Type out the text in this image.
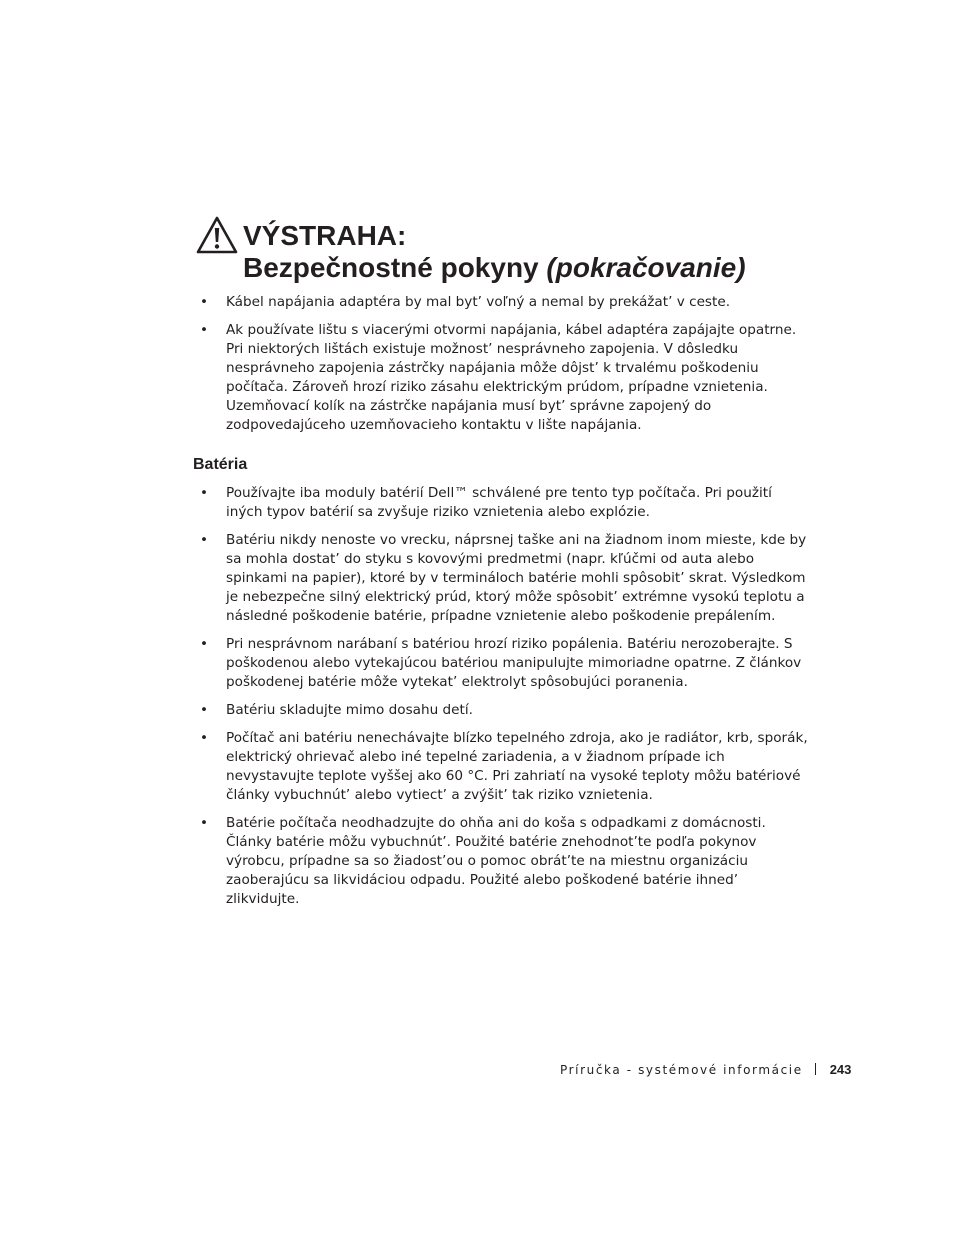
VÝSTRAHA:
Bezpečnostné pokyny (pokračovanie)
• Kábel napájania adaptéra by mal byt’ voľný a nemal by prekážat’ v ceste.
• Ak používate lištu s viacerými otvormi napájania, kábel adaptéra zapájajte opatrne. Pri niektorých lištách existuje možnost’ nesprávneho zapojenia. V dôsledku nesprávneho zapojenia zástrčky napájania môže dôjst’ k trvalému poškodeniu počítača. Zároveň hrozí riziko zásahu elektrickým prúdom, prípadne vznietenia. Uzemňovací kolík na zástrčke napájania musí byt’ správne zapojený do zodpovedajúceho uzemňovacieho kontaktu v lište napájania.
Batéria
• Používajte iba moduly batérií Dell™ schválené pre tento typ počítača. Pri použití iných typov batérií sa zvyšuje riziko vznietenia alebo explózie.
• Batériu nikdy nenoste vo vrecku, náprsnej taške ani na žiadnom inom mieste, kde by sa mohla dostat’ do styku s kovovými predmetmi (napr. kľúčmi od auta alebo spinkami na papier), ktoré by v termináloch batérie mohli spôsobit’ skrat. Výsledkom je nebezpečne silný elektrický prúd, ktorý môže spôsobit’ extrémne vysokú teplotu a následné poškodenie batérie, prípadne vznietenie alebo poškodenie prepálením.
• Pri nesprávnom narábaní s batériou hrozí riziko popálenia. Batériu nerozoberajte. S poškodenou alebo vytekajúcou batériou manipulujte mimoriadne opatrne. Z článkov poškodenej batérie môže vytekat’ elektrolyt spôsobujúci poranenia.
• Batériu skladujte mimo dosahu detí.
• Počítač ani batériu nenechávajte blízko tepelného zdroja, ako je radiátor, krb, sporák, elektrický ohrievač alebo iné tepelné zariadenia, a v žiadnom prípade ich nevystavujte teplote vyššej ako 60 °C. Pri zahriatí na vysoké teploty môžu batériové články vybuchnút’ alebo vytiect’ a zvýšit’ tak riziko vznietenia.
• Batérie počítača neodhadzujte do ohňa ani do koša s odpadkami z domácnosti. Články batérie môžu vybuchnút’. Použité batérie znehodnot’te podľa pokynov výrobcu, prípadne sa so žiadost’ou o pomoc obrát’te na miestnu organizáciu zaoberajúcu sa likvidáciou odpadu. Použité alebo poškodené batérie ihned’ zlikvidujte.
Príručka - systémové informácie 243
